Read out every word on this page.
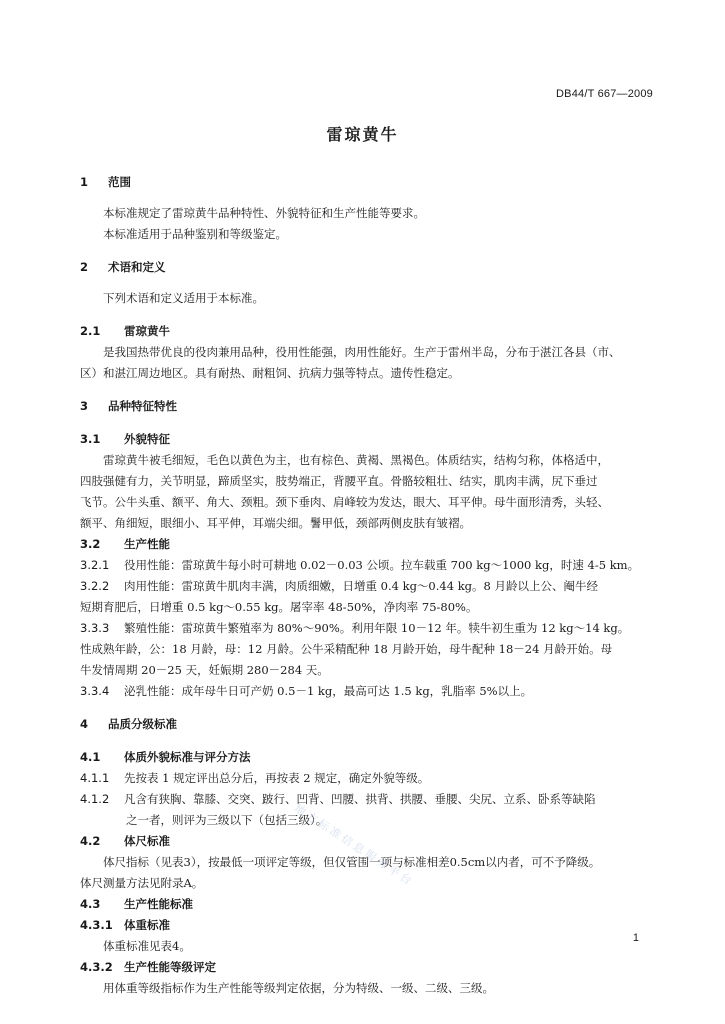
DB44/T 667—2009
雷琼黄牛
1 范围
本标准规定了雷琼黄牛品种特性、外貌特征和生产性能等要求。
本标准适用于品种鉴别和等级鉴定。
2 术语和定义
下列术语和定义适用于本标准。
2.1 雷琼黄牛
是我国热带优良的役肉兼用品种，役用性能强，肉用性能好。生产于雷州半岛，分布于湛江各县（市、
区）和湛江周边地区。具有耐热、耐粗饲、抗病力强等特点。遗传性稳定。
3 品种特征特性
3.1 外貌特征
雷琼黄牛被毛细短，毛色以黄色为主，也有棕色、黄褐、黑褐色。体质结实，结构匀称，体格适中，
四肢强健有力，关节明显，蹄质坚实，肢势端正，背腰平直。骨骼较粗壮、结实，肌肉丰满，尻下垂过
飞节。公牛头重、额平、角大、颈粗。颈下垂肉、肩峰较为发达，眼大、耳平伸。母牛面形清秀，头轻、
额平、角细短，眼细小、耳平伸，耳端尖细。鬐甲低，颈部两侧皮肤有皱褶。
3.2 生产性能
3.2.1 役用性能：雷琼黄牛每小时可耕地 0.02－0.03 公顷。拉车载重 700 kg～1000 kg，时速 4-5 km。
3.2.2 肉用性能：雷琼黄牛肌肉丰满，肉质细嫩，日增重 0.4 kg～0.44 kg。8 月龄以上公、阉牛经
短期育肥后，日增重 0.5 kg～0.55 kg。屠宰率 48-50%，净肉率 75-80%。
3.3.3 繁殖性能：雷琼黄牛繁殖率为 80%～90%。利用年限 10－12 年。犊牛初生重为 12 kg～14 kg。
性成熟年龄，公：18 月龄，母：12 月龄。公牛采精配种 18 月龄开始，母牛配种 18－24 月龄开始。母
牛发情周期 20－25 天，妊娠期 280－284 天。
3.3.4 泌乳性能：成年母牛日可产奶 0.5－1 kg，最高可达 1.5 kg，乳脂率 5%以上。
4 品质分级标准
4.1 体质外貌标准与评分方法
4.1.1 先按表 1 规定评出总分后，再按表 2 规定，确定外貌等级。
4.1.2 凡含有狭胸、靠膝、交突、跛行、凹背、凹腰、拱背、拱腰、垂腰、尖尻、立系、卧系等缺陷
之一者，则评为三级以下（包括三级）。
4.2 体尺标准
体尺指标（见表3），按最低一项评定等级，但仅管围一项与标准相差0.5cm以内者，可不予降级。
体尺测量方法见附录A。
4.3 生产性能标准
4.3.1 体重标准
体重标准见表4。
4.3.2 生产性能等级评定
用体重等级指标作为生产性能等级判定依据，分为特级、一级、二级、三级。
地方标准信息服务平台
1
